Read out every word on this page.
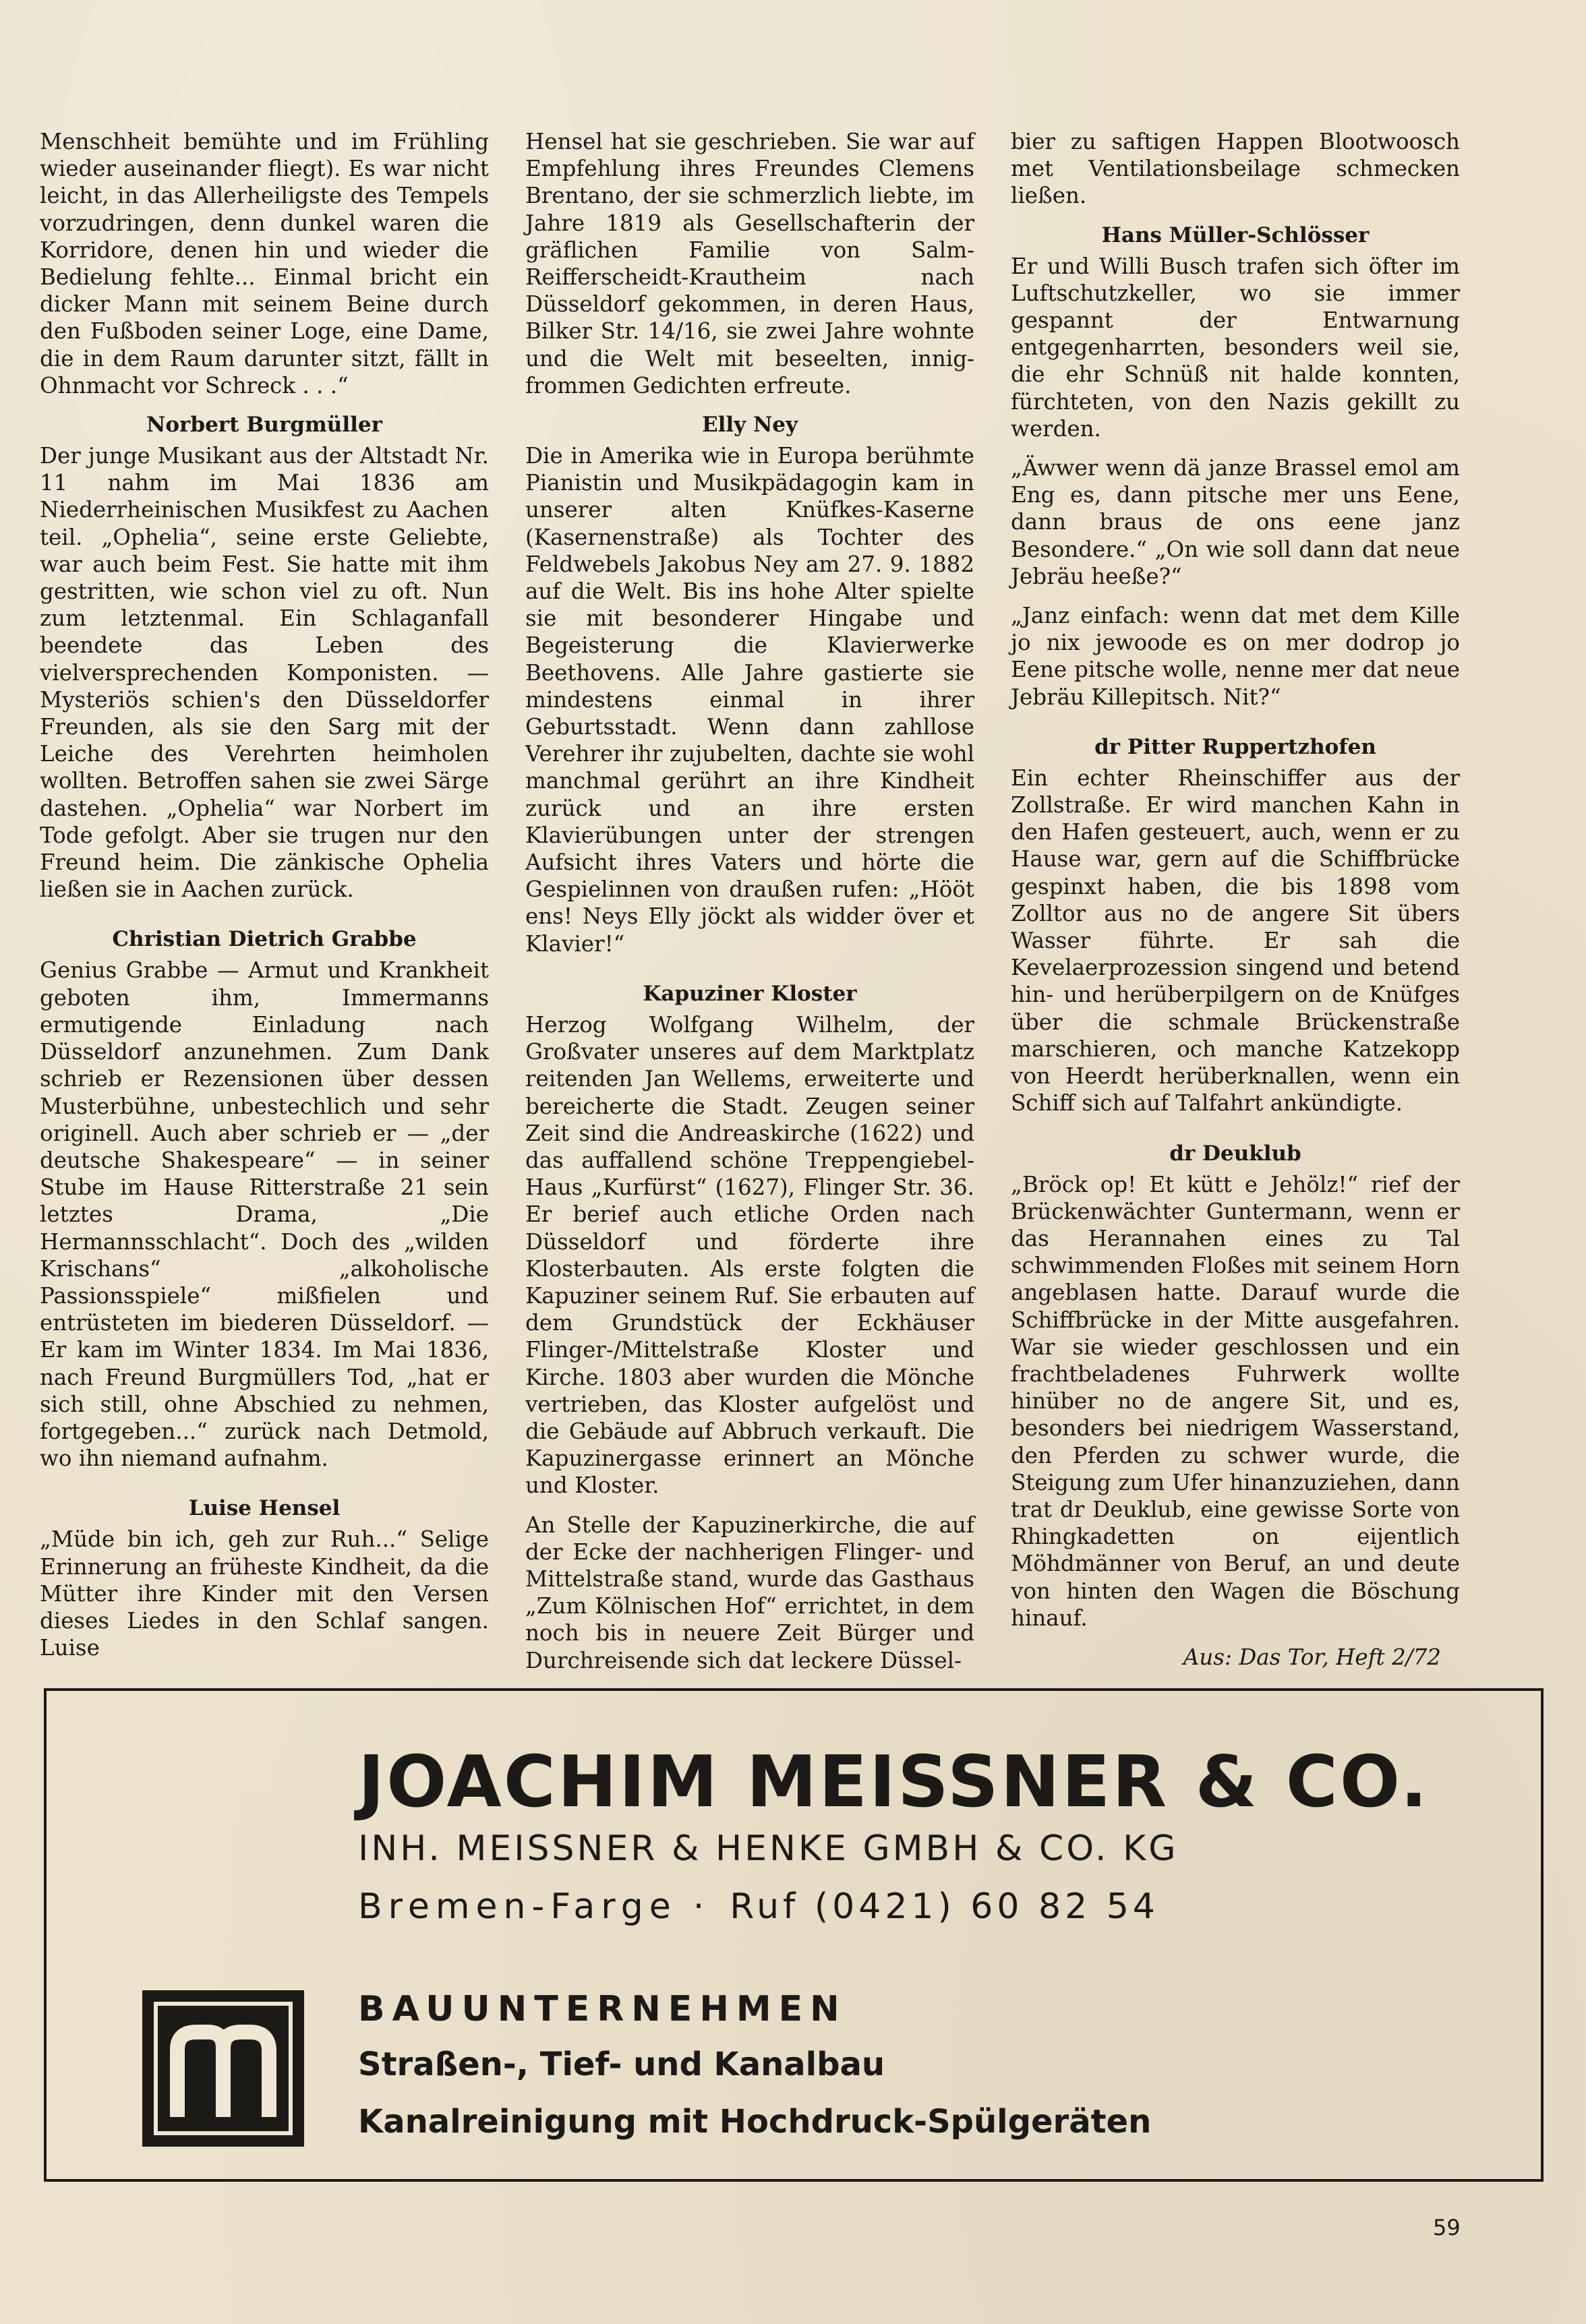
Menschheit bemühte und im Frühling wieder auseinander fliegt). Es war nicht leicht, in das Allerheiligste des Tempels vorzudringen, denn dunkel waren die Korridore, denen hin und wieder die Bedielung fehlte... Einmal bricht ein dicker Mann mit seinem Beine durch den Fußboden seiner Loge, eine Dame, die in dem Raum darunter sitzt, fällt in Ohnmacht vor Schreck . . .“

Norbert Burgmüller

Der junge Musikant aus der Altstadt Nr. 11 nahm im Mai 1836 am Niederrheinischen Musikfest zu Aachen teil. „Ophelia“, seine erste Geliebte, war auch beim Fest. Sie hatte mit ihm gestritten, wie schon viel zu oft. Nun zum letztenmal. Ein Schlaganfall beendete das Leben des vielversprechenden Komponisten. — Mysteriös schien's den Düsseldorfer Freunden, als sie den Sarg mit der Leiche des Verehrten heimholen wollten. Betroffen sahen sie zwei Särge dastehen. „Ophelia“ war Norbert im Tode gefolgt. Aber sie trugen nur den Freund heim. Die zänkische Ophelia ließen sie in Aachen zurück.

Christian Dietrich Grabbe

Genius Grabbe — Armut und Krankheit geboten ihm, Immermanns ermutigende Einladung nach Düsseldorf anzunehmen. Zum Dank schrieb er Rezensionen über dessen Musterbühne, unbestechlich und sehr originell. Auch aber schrieb er — „der deutsche Shakespeare“ — in seiner Stube im Hause Ritterstraße 21 sein letztes Drama, „Die Hermannsschlacht“. Doch des „wilden Krischans“ „alkoholische Passionsspiele“ mißfielen und entrüsteten im biederen Düsseldorf. — Er kam im Winter 1834. Im Mai 1836, nach Freund Burgmüllers Tod, „hat er sich still, ohne Abschied zu nehmen, fortgegeben...“ zurück nach Detmold, wo ihn niemand aufnahm.

Luise Hensel

„Müde bin ich, geh zur Ruh...“ Selige Erinnerung an früheste Kindheit, da die Mütter ihre Kinder mit den Versen dieses Liedes in den Schlaf sangen. Luise

Hensel hat sie geschrieben. Sie war auf Empfehlung ihres Freundes Clemens Brentano, der sie schmerzlich liebte, im Jahre 1819 als Gesellschafterin der gräflichen Familie von Salm-Reifferscheidt-Krautheim nach Düsseldorf gekommen, in deren Haus, Bilker Str. 14/16, sie zwei Jahre wohnte und die Welt mit beseelten, innig-frommen Gedichten erfreute.

Elly Ney

Die in Amerika wie in Europa berühmte Pianistin und Musikpädagogin kam in unserer alten Knüfkes-Kaserne (Kasernenstraße) als Tochter des Feldwebels Jakobus Ney am 27. 9. 1882 auf die Welt. Bis ins hohe Alter spielte sie mit besonderer Hingabe und Begeisterung die Klavierwerke Beethovens. Alle Jahre gastierte sie mindestens einmal in ihrer Geburtsstadt. Wenn dann zahllose Verehrer ihr zujubelten, dachte sie wohl manchmal gerührt an ihre Kindheit zurück und an ihre ersten Klavierübungen unter der strengen Aufsicht ihres Vaters und hörte die Gespielinnen von draußen rufen: „Hööt ens! Neys Elly jöckt als widder över et Klavier!“

Kapuziner Kloster

Herzog Wolfgang Wilhelm, der Großvater unseres auf dem Marktplatz reitenden Jan Wellems, erweiterte und bereicherte die Stadt. Zeugen seiner Zeit sind die Andreaskirche (1622) und das auffallend schöne Treppengiebel-Haus „Kurfürst“ (1627), Flinger Str. 36. Er berief auch etliche Orden nach Düsseldorf und förderte ihre Klosterbauten. Als erste folgten die Kapuziner seinem Ruf. Sie erbauten auf dem Grundstück der Eckhäuser Flinger-/Mittelstraße Kloster und Kirche. 1803 aber wurden die Mönche vertrieben, das Kloster aufgelöst und die Gebäude auf Abbruch verkauft. Die Kapuzinergasse erinnert an Mönche und Kloster.

An Stelle der Kapuzinerkirche, die auf der Ecke der nachherigen Flinger- und Mittelstraße stand, wurde das Gasthaus „Zum Kölnischen Hof“ errichtet, in dem noch bis in neuere Zeit Bürger und Durchreisende sich dat leckere Düssel-

bier zu saftigen Happen Blootwoosch met Ventilationsbeilage schmecken ließen.

Hans Müller-Schlösser

Er und Willi Busch trafen sich öfter im Luftschutzkeller, wo sie immer gespannt der Entwarnung entgegenharrten, besonders weil sie, die ehr Schnüß nit halde konnten, fürchteten, von den Nazis gekillt zu werden.

„Äwwer wenn dä janze Brassel emol am Eng es, dann pitsche mer uns Eene, dann braus de ons eene janz Besondere.“ „On wie soll dann dat neue Jebräu heeße?“

„Janz einfach: wenn dat met dem Kille jo nix jewoode es on mer dodrop jo Eene pitsche wolle, nenne mer dat neue Jebräu Killepitsch. Nit?“

dr Pitter Ruppertzhofen

Ein echter Rheinschiffer aus der Zollstraße. Er wird manchen Kahn in den Hafen gesteuert, auch, wenn er zu Hause war, gern auf die Schiffbrücke gespinxt haben, die bis 1898 vom Zolltor aus no de angere Sit übers Wasser führte. Er sah die Kevelaerprozession singend und betend hin- und herüberpilgern on de Knüfges über die schmale Brückenstraße marschieren, och manche Katzekopp von Heerdt herüberknallen, wenn ein Schiff sich auf Talfahrt ankündigte.

dr Deuklub

„Bröck op! Et kütt e Jehölz!“ rief der Brückenwächter Guntermann, wenn er das Herannahen eines zu Tal schwimmenden Floßes mit seinem Horn angeblasen hatte. Darauf wurde die Schiffbrücke in der Mitte ausgefahren. War sie wieder geschlossen und ein frachtbeladenes Fuhrwerk wollte hinüber no de angere Sit, und es, besonders bei niedrigem Wasserstand, den Pferden zu schwer wurde, die Steigung zum Ufer hinanzuziehen, dann trat dr Deuklub, eine gewisse Sorte von Rhingkadetten on eijentlich Möhdmänner von Beruf, an und deute von hinten den Wagen die Böschung hinauf.

Aus: Das Tor, Heft 2/72
JOACHIM MEISSNER & CO.
INH. MEISSNER & HENKE GMBH & CO. KG
Bremen-Farge · Ruf (0421) 60 82 54
BAUUNTERNEHMEN
Straßen-, Tief- und Kanalbau
Kanalreinigung mit Hochdruck-Spülgeräten
59
